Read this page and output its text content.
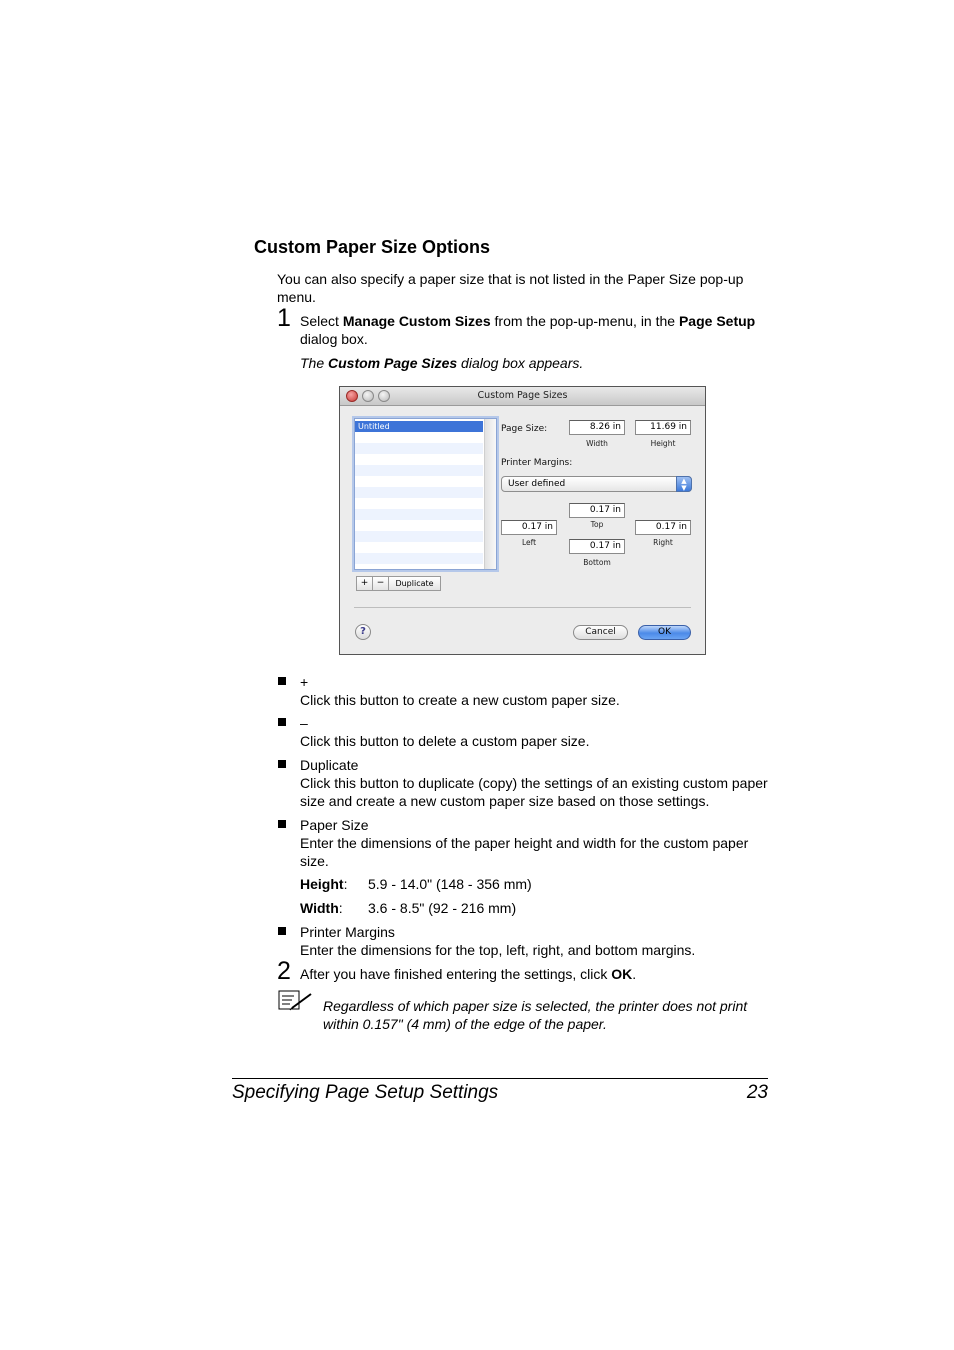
Custom Paper Size Options
You can also specify a paper size that is not listed in the Paper Size pop-up menu.
1 Select Manage Custom Sizes from the pop-up-menu, in the Page Setup dialog box.
The Custom Page Sizes dialog box appears.
Custom Page Sizes
Untitled
+ −	Duplicate
Page Size:	8.26 in
Width
11.69 in
Height
Printer Margins:
User defined	▲
▼
0.17 in
Top
0.17 in
Left
0.17 in
Right
0.17 in
Bottom
?	Cancel	OK
+
Click this button to create a new custom paper size.
–
Click this button to delete a custom paper size.
Duplicate
Click this button to duplicate (copy) the settings of an existing custom paper size and create a new custom paper size based on those settings.
Paper Size
Enter the dimensions of the paper height and width for the custom paper size.
Height: 5.9 - 14.0" (148 - 356 mm)
Width: 3.6 - 8.5" (92 - 216 mm)
Printer Margins
Enter the dimensions for the top, left, right, and bottom margins.
2 After you have finished entering the settings, click OK.
Regardless of which paper size is selected, the printer does not print within 0.157" (4 mm) of the edge of the paper.
Specifying Page Setup Settings	23
